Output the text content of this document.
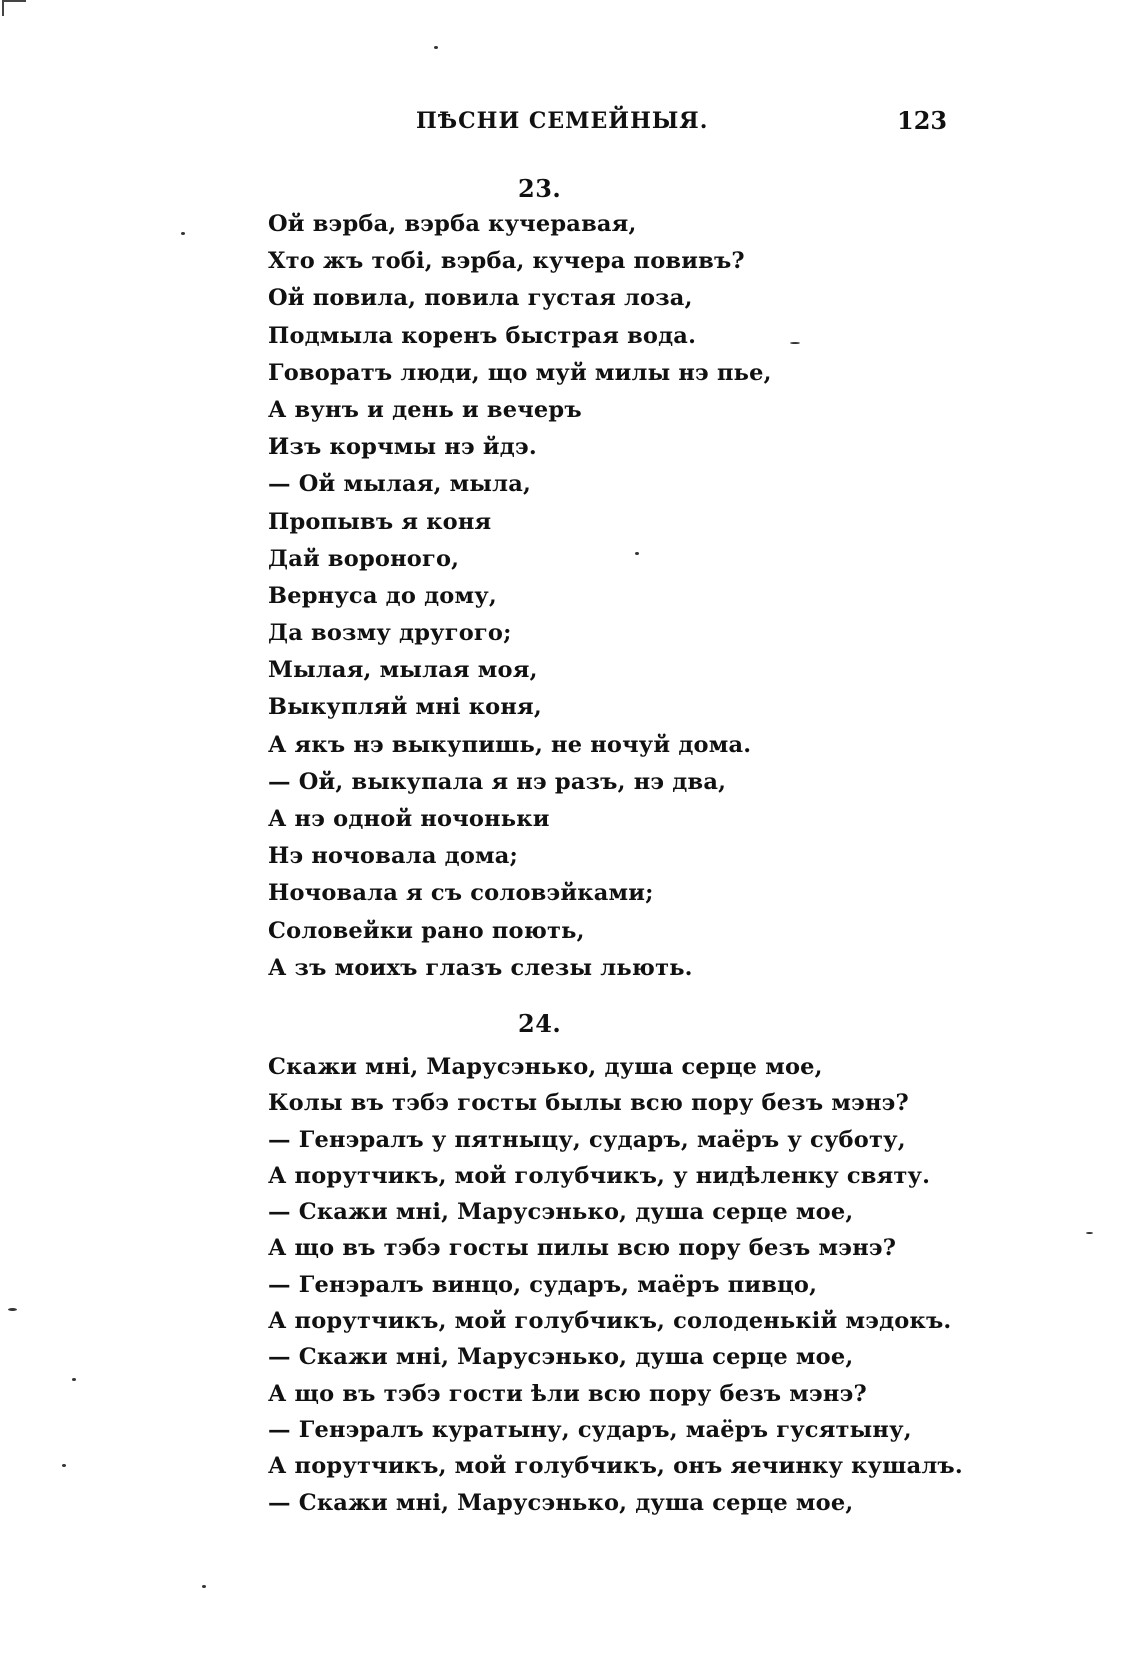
ПѢСНИ СЕМЕЙНЫЯ.	123
23.
Ой вэрба, вэрба кучеравая,
Хто жъ тобі, вэрба, кучера повивъ?
Ой повила, повила густая лоза,
Подмыла коренъ быстрая вода.
Говоратъ люди, що муй милы нэ пье,
А вунъ и день и вечеръ
Изъ корчмы нэ йдэ.
— Ой мылая, мыла,
Пропывъ я коня
Дай вороного,
Вернуса до дому,
Да возму другого;
Мылая, мылая моя,
Выкупляй мні коня,
А якъ нэ выкупишь, не ночуй дома.
— Ой, выкупала я нэ разъ, нэ два,
А нэ одной ночоньки
Нэ ночовала дома;
Ночовала я съ соловэйками;
Соловейки рано поють,
А зъ моихъ глазъ слезы льють.
24.
Скажи мні, Марусэнько, душа серце мое,
Колы въ тэбэ госты былы всю пору безъ мэнэ?
— Генэралъ у пятныцу, сударъ, маёръ у суботу,
А порутчикъ, мой голубчикъ, у нидѣленку святу.
— Скажи мні, Марусэнько, душа серце мое,
А що въ тэбэ госты пилы всю пору безъ мэнэ?
— Генэралъ винцо, сударъ, маёръ пивцо,
А порутчикъ, мой голубчикъ, солоденькій мэдокъ.
— Скажи мні, Марусэнько, душа серце мое,
А що въ тэбэ гости ѣли всю пору безъ мэнэ?
— Генэралъ куратыну, сударъ, маёръ гусятыну,
А порутчикъ, мой голубчикъ, онъ яечинку кушалъ.
— Скажи мні, Марусэнько, душа серце мое,
